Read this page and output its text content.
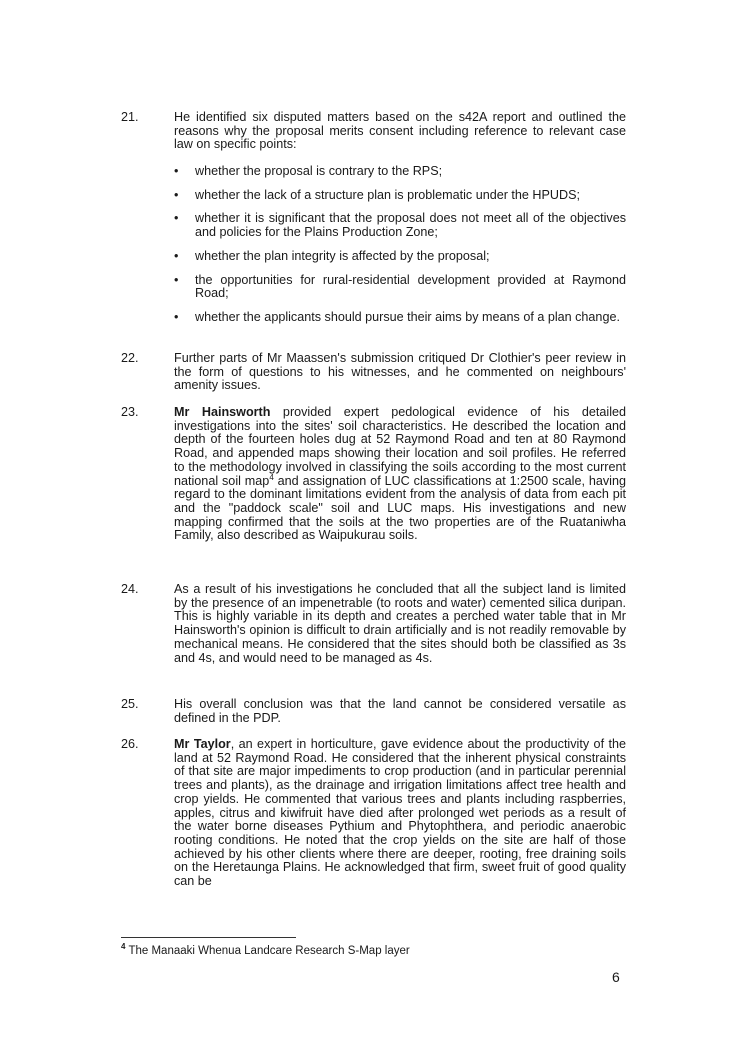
21.	He identified six disputed matters based on the s42A report and outlined the reasons why the proposal merits consent including reference to relevant case law on specific points:
• whether the proposal is contrary to the RPS;
• whether the lack of a structure plan is problematic under the HPUDS;
• whether it is significant that the proposal does not meet all of the objectives and policies for the Plains Production Zone;
• whether the plan integrity is affected by the proposal;
• the opportunities for rural-residential development provided at Raymond Road;
• whether the applicants should pursue their aims by means of a plan change.
22.	Further parts of Mr Maassen's submission critiqued Dr Clothier's peer review in the form of questions to his witnesses, and he commented on neighbours' amenity issues.
23.	Mr Hainsworth provided expert pedological evidence of his detailed investigations into the sites' soil characteristics. He described the location and depth of the fourteen holes dug at 52 Raymond Road and ten at 80 Raymond Road, and appended maps showing their location and soil profiles. He referred to the methodology involved in classifying the soils according to the most current national soil map$^4$ and assignation of LUC classifications at 1:2500 scale, having regard to the dominant limitations evident from the analysis of data from each pit and the "paddock scale" soil and LUC maps. His investigations and new mapping confirmed that the soils at the two properties are of the Ruataniwha Family, also described as Waipukurau soils.
24.	As a result of his investigations he concluded that all the subject land is limited by the presence of an impenetrable (to roots and water) cemented silica duripan. This is highly variable in its depth and creates a perched water table that in Mr Hainsworth's opinion is difficult to drain artificially and is not readily removable by mechanical means. He considered that the sites should both be classified as 3s and 4s, and would need to be managed as 4s.
25.	His overall conclusion was that the land cannot be considered versatile as defined in the PDP.
26.	Mr Taylor, an expert in horticulture, gave evidence about the productivity of the land at 52 Raymond Road. He considered that the inherent physical constraints of that site are major impediments to crop production (and in particular perennial trees and plants), as the drainage and irrigation limitations affect tree health and crop yields. He commented that various trees and plants including raspberries, apples, citrus and kiwifruit have died after prolonged wet periods as a result of the water borne diseases Pythium and Phytophthera, and periodic anaerobic rooting conditions. He noted that the crop yields on the site are half of those achieved by his other clients where there are deeper, rooting, free draining soils on the Heretaunga Plains. He acknowledged that firm, sweet fruit of good quality can be
$^4$ The Manaaki Whenua Landcare Research S-Map layer
6
